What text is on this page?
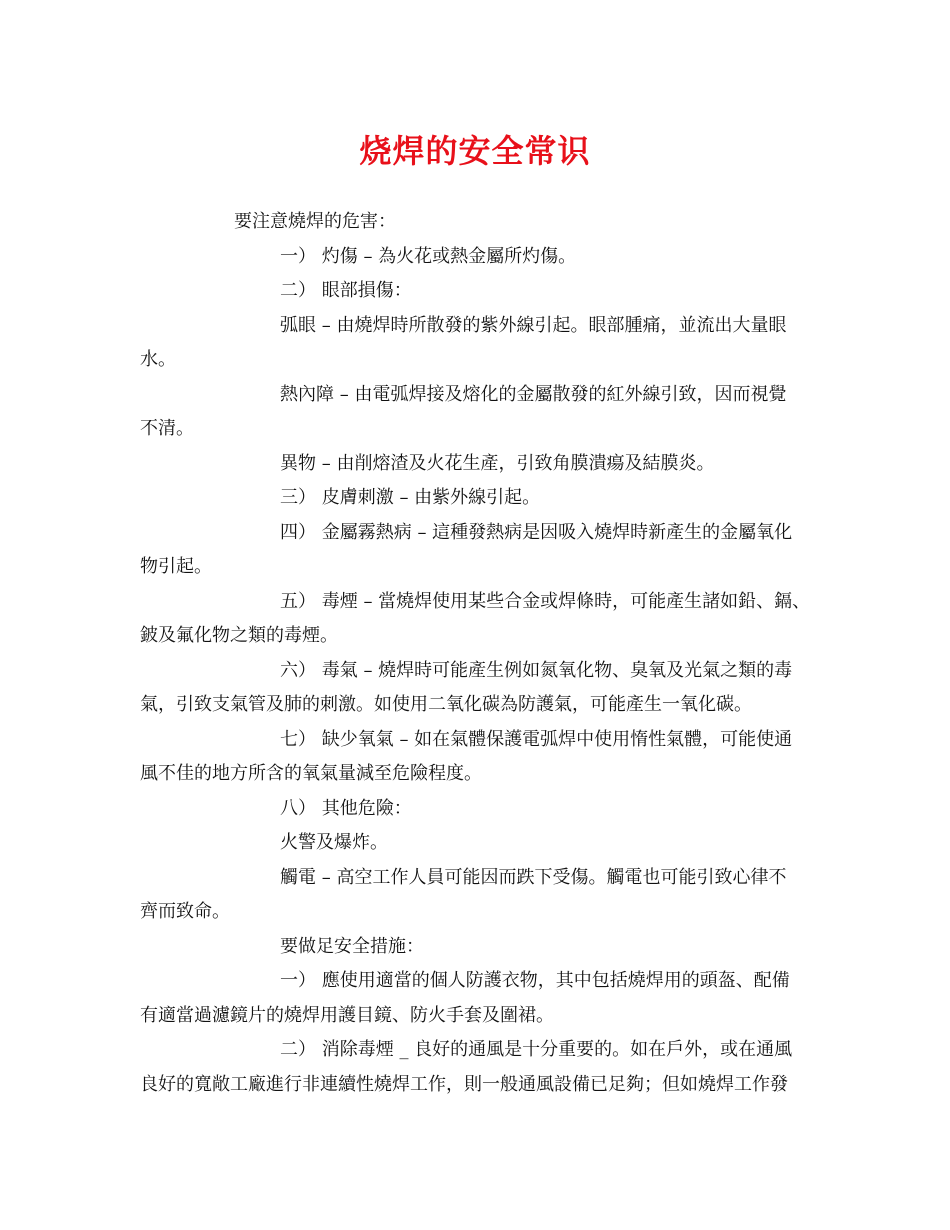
烧焊的安全常识
要注意燒焊的危害：
一） 灼傷 – 為火花或熱金屬所灼傷。
二） 眼部損傷：
弧眼 – 由燒焊時所散發的紫外線引起。眼部腫痛，並流出大量眼
水。
熱內障 – 由電弧焊接及熔化的金屬散發的紅外線引致，因而視覺
不清。
異物 – 由削熔渣及火花生產，引致角膜潰瘍及結膜炎。
三） 皮膚刺激 – 由紫外線引起。
四） 金屬霧熱病 – 這種發熱病是因吸入燒焊時新產生的金屬氧化
物引起。
五） 毒煙 – 當燒焊使用某些合金或焊條時，可能產生諸如鉛、鎘、
鈹及氟化物之類的毒煙。
六） 毒氣 – 燒焊時可能產生例如氮氧化物、臭氧及光氣之類的毒
氣，引致支氣管及肺的刺激。如使用二氧化碳為防護氣，可能產生一氧化碳。
七） 缺少氧氣 – 如在氣體保護電弧焊中使用惰性氣體，可能使通
風不佳的地方所含的氧氣量減至危險程度。
八） 其他危險：
火警及爆炸。
觸電 – 高空工作人員可能因而跌下受傷。觸電也可能引致心律不
齊而致命。
要做足安全措施：
一） 應使用適當的個人防護衣物，其中包括燒焊用的頭盔、配備
有適當過濾鏡片的燒焊用護目鏡、防火手套及圍裙。
二） 消除毒煙 _ 良好的通風是十分重要的。如在戶外，或在通風
良好的寬敞工廠進行非連續性燒焊工作，則一般通風設備已足夠；但如燒焊工作發
